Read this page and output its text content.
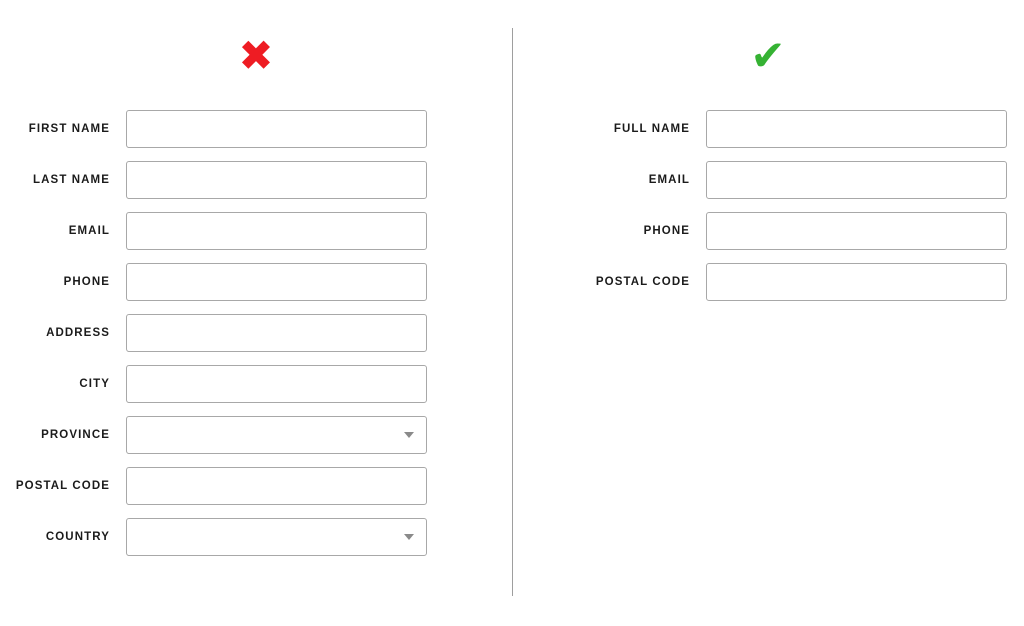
✖
FIRST NAME
LAST NAME
EMAIL
PHONE
ADDRESS
CITY
PROVINCE
POSTAL CODE
COUNTRY
✔
FULL NAME
EMAIL
PHONE
POSTAL CODE
